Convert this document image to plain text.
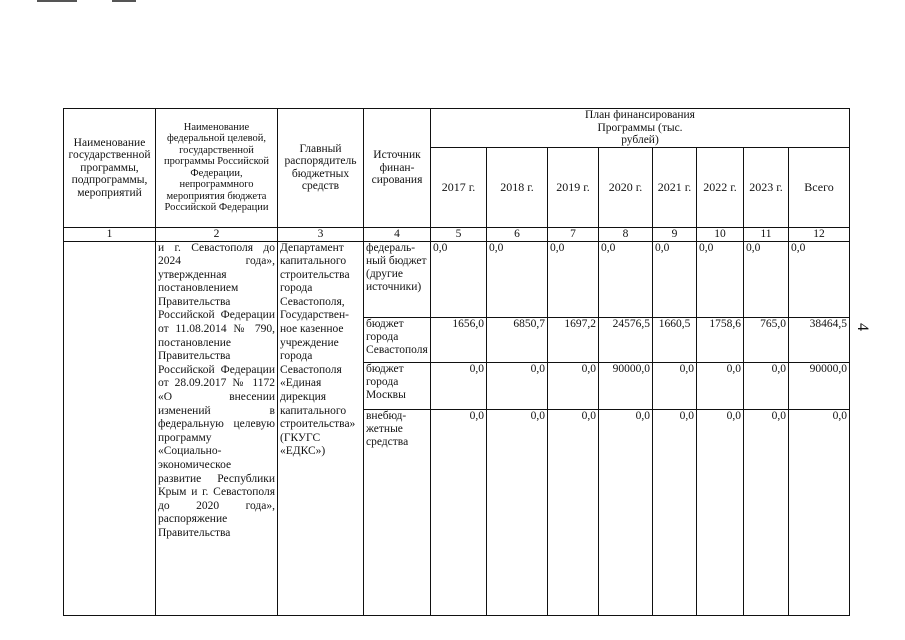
4
Наименование государственной программы, подпрограммы, мероприятий	Наименование федеральной целевой, государственной программы Российской Федерации, непрограммного мероприятия бюджета Российской Федерации	Главный распорядитель бюджетных средств	Источник финан-сирования	План финансирования Программы (тыс. рублей)							

				2017 г.	2018 г.	2019 г.	2020 г.	2021 г.	2022 г.	2023 г.	Всего
1	2	3	4	5	6	7	8	9	10	11	12
	и г. Севастополя до 2024 года», утвержденная постановлением Правительства Российской Федерации от 11.08.2014 № 790, постановление Правительства Российской Федерации от 28.09.2017 № 1172 «О внесении изменений в федеральную целевую программу «Социально-экономическое развитие Республики Крым и г. Севастополя до 2020 года», распоряжение Правительства	Департамент капитального строительства города Севастополя, Государствен-ное казенное учреждение города Севастополя «Единая дирекция капитального строительства» (ГКУГС «ЕДКС»)	федераль-ный бюджет (другие источники)	0,0	0,0	0,0	0,0	0,0	0,0	0,0	0,0
			бюджет города Севастополя	1656,0	6850,7	1697,2	24576,5	1660,5	1758,6	765,0	38464,5
			бюджет города Москвы	0,0	0,0	0,0	90000,0	0,0	0,0	0,0	90000,0
			внебюд-жетные средства	0,0	0,0	0,0	0,0	0,0	0,0	0,0	0,0
